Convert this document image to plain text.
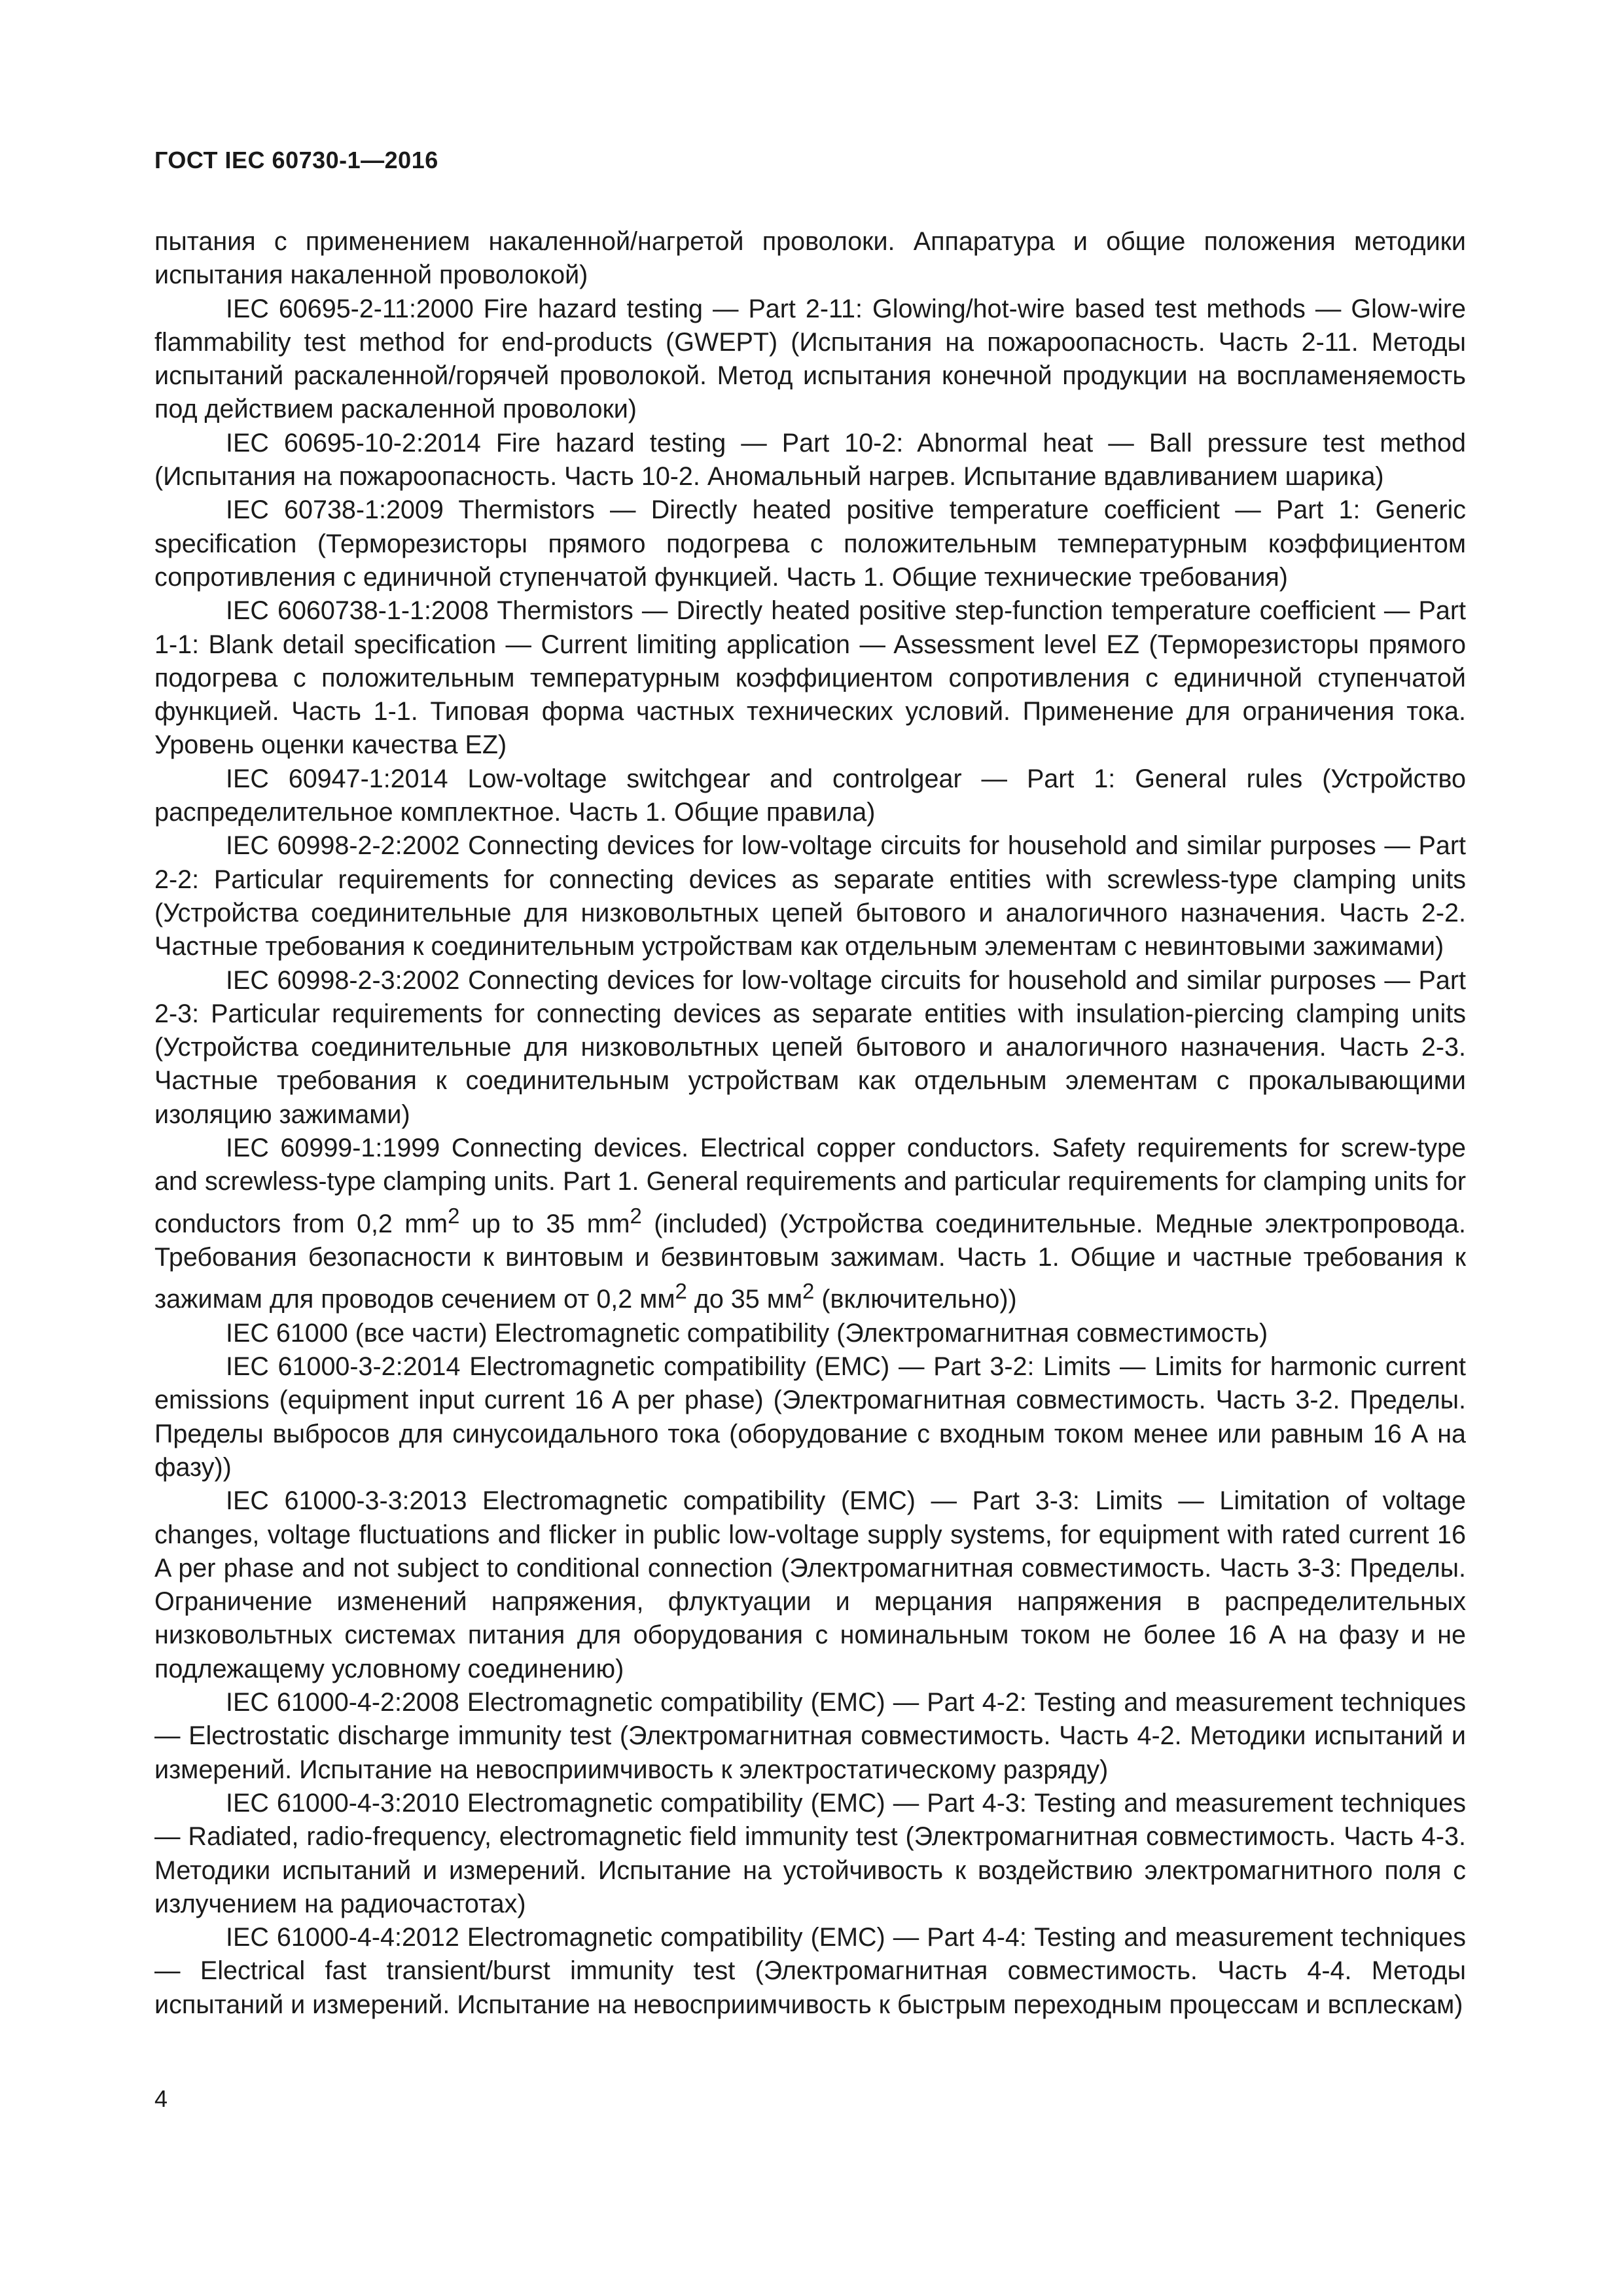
ГОСТ IEC 60730-1—2016

пытания с применением накаленной/нагретой проволоки. Аппаратура и общие положения методики испытания накаленной проволокой)

IEC 60695-2-11:2000 Fire hazard testing — Part 2-11: Glowing/hot-wire based test methods — Glow-wire flammability test method for end-products (GWEPT) (Испытания на пожароопасность. Часть 2-11. Методы испытаний раскаленной/горячей проволокой. Метод испытания конечной продукции на воспламеняемость под действием раскаленной проволоки)

IEC 60695-10-2:2014 Fire hazard testing — Part 10-2: Abnormal heat — Ball pressure test method (Испытания на пожароопасность. Часть 10-2. Аномальный нагрев. Испытание вдавливанием шарика)

IEC 60738-1:2009 Thermistors — Directly heated positive temperature coefficient — Part 1: Generic specification (Терморезисторы прямого подогрева с положительным температурным коэффициентом сопротивления с единичной ступенчатой функцией. Часть 1. Общие технические требования)

IEC 6060738-1-1:2008 Thermistors — Directly heated positive step-function temperature coefficient — Part 1-1: Blank detail specification — Current limiting application — Assessment level EZ (Терморезисторы прямого подогрева с положительным температурным коэффициентом сопротивления с единичной ступенчатой функцией. Часть 1-1. Типовая форма частных технических условий. Применение для ограничения тока. Уровень оценки качества EZ)

IEC 60947-1:2014 Low-voltage switchgear and controlgear — Part 1: General rules (Устройство распределительное комплектное. Часть 1. Общие правила)

IEC 60998-2-2:2002 Connecting devices for low-voltage circuits for household and similar purposes — Part 2-2: Particular requirements for connecting devices as separate entities with screwless-type clamping units (Устройства соединительные для низковольтных цепей бытового и аналогичного назначения. Часть 2-2. Частные требования к соединительным устройствам как отдельным элементам с невинтовыми зажимами)

IEC 60998-2-3:2002 Connecting devices for low-voltage circuits for household and similar purposes — Part 2-3: Particular requirements for connecting devices as separate entities with insulation-piercing clamping units (Устройства соединительные для низковольтных цепей бытового и аналогичного назначения. Часть 2-3. Частные требования к соединительным устройствам как отдельным элементам с прокалывающими изоляцию зажимами)

IEC 60999-1:1999 Connecting devices. Electrical copper conductors. Safety requirements for screw-type and screwless-type clamping units. Part 1. General requirements and particular requirements for clamping units for conductors from 0,2 $mm^2$ up to 35 $mm^2$ (included) (Устройства соединительные. Медные электропровода. Требования безопасности к винтовым и безвинтовым зажимам. Часть 1. Общие и частные требования к зажимам для проводов сечением от 0,2 $мм^2$ до 35 $мм^2$ (включительно))

IEC 61000 (все части) Electromagnetic compatibility (Электромагнитная совместимость)

IEC 61000-3-2:2014 Electromagnetic compatibility (EMC) — Part 3-2: Limits — Limits for harmonic current emissions (equipment input current 16 A per phase) (Электромагнитная совместимость. Часть 3-2. Пределы. Пределы выбросов для синусоидального тока (оборудование с входным током менее или равным 16 А на фазу))

IEC 61000-3-3:2013 Electromagnetic compatibility (EMC) — Part 3-3: Limits — Limitation of voltage changes, voltage fluctuations and flicker in public low-voltage supply systems, for equipment with rated current 16 A per phase and not subject to conditional connection (Электромагнитная совместимость. Часть 3-3: Пределы. Ограничение изменений напряжения, флуктуации и мерцания напряжения в распределительных низковольтных системах питания для оборудования с номинальным током не более 16 А на фазу и не подлежащему условному соединению)

IEC 61000-4-2:2008 Electromagnetic compatibility (EMC) — Part 4-2: Testing and measurement techniques — Electrostatic discharge immunity test (Электромагнитная совместимость. Часть 4-2. Методики испытаний и измерений. Испытание на невосприимчивость к электростатическому разряду)

IEC 61000-4-3:2010 Electromagnetic compatibility (EMC) — Part 4-3: Testing and measurement techniques — Radiated, radio-frequency, electromagnetic field immunity test (Электромагнитная совместимость. Часть 4-3. Методики испытаний и измерений. Испытание на устойчивость к воздействию электромагнитного поля с излучением на радиочастотах)

IEC 61000-4-4:2012 Electromagnetic compatibility (EMC) — Part 4-4: Testing and measurement techniques — Electrical fast transient/burst immunity test (Электромагнитная совместимость. Часть 4-4. Методы испытаний и измерений. Испытание на невосприимчивость к быстрым переходным процессам и всплескам)

4
